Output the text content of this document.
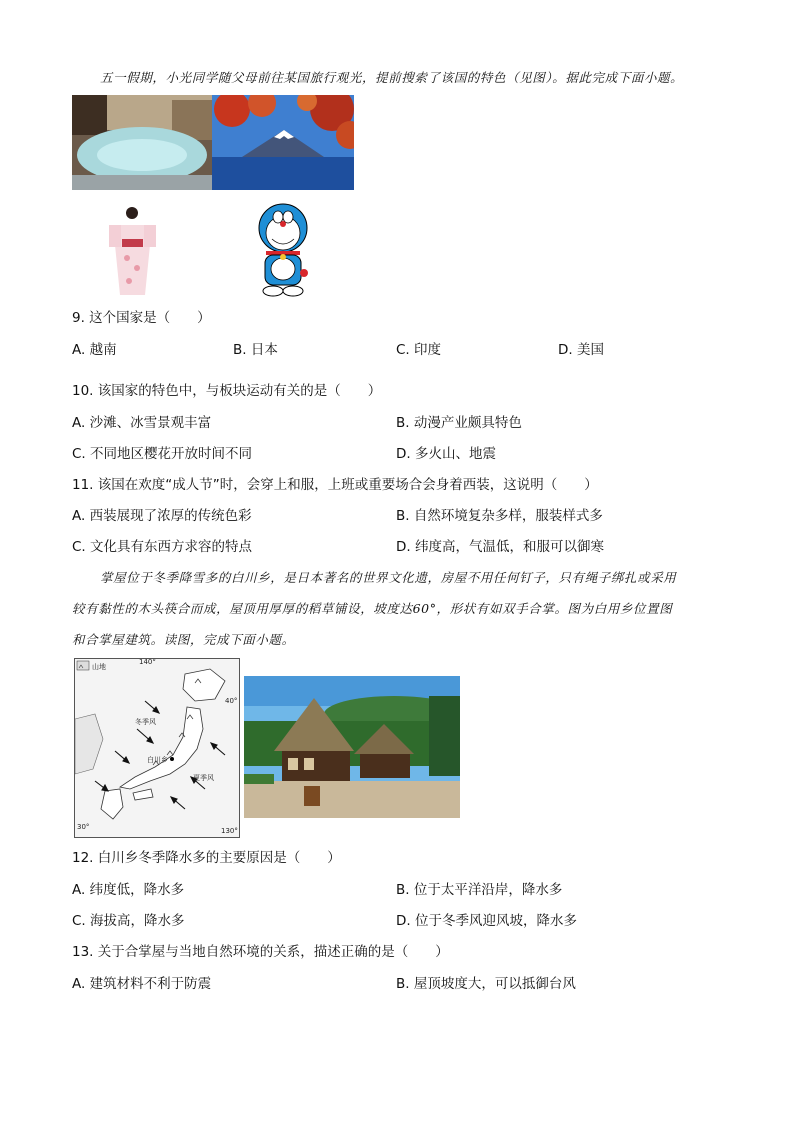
五一假期，小光同学随父母前往某国旅行观光，提前搜索了该国的特色（见图）。据此完成下面小题。
9. 这个国家是（　　）
A. 越南	B. 日本	C. 印度	D. 美国
10. 该国家的特色中，与板块运动有关的是（　　）
A. 沙滩、冰雪景观丰富	B. 动漫产业颇具特色
C. 不同地区樱花开放时间不同	D. 多火山、地震
11. 该国在欢度“成人节”时，会穿上和服，上班或重要场合会身着西装，这说明（　　）
A. 西装展现了浓厚的传统色彩	B. 自然环境复杂多样，服装样式多
C. 文化具有东西方求容的特点	D. 纬度高，气温低，和服可以御寒
掌屋位于冬季降雪多的白川乡，是日本著名的世界文化遗，房屋不用任何钉子，只有绳子绑扎或采用
较有黏性的木头筷合而成，屋顶用厚厚的稻草铺设，坡度达60°，形状有如双手合掌。图为白用乡位置图
和合掌屋建筑。读图，完成下面小题。
山地
140°
40°
冬季风
白川乡
夏季风
30°	130°
12. 白川乡冬季降水多的主要原因是（　　）
A. 纬度低，降水多	B. 位于太平洋沿岸，降水多
C. 海拔高，降水多	D. 位于冬季风迎风坡，降水多
13. 关于合掌屋与当地自然环境的关系，描述正确的是（　　）
A. 建筑材料不利于防震	B. 屋顶坡度大，可以抵御台风
